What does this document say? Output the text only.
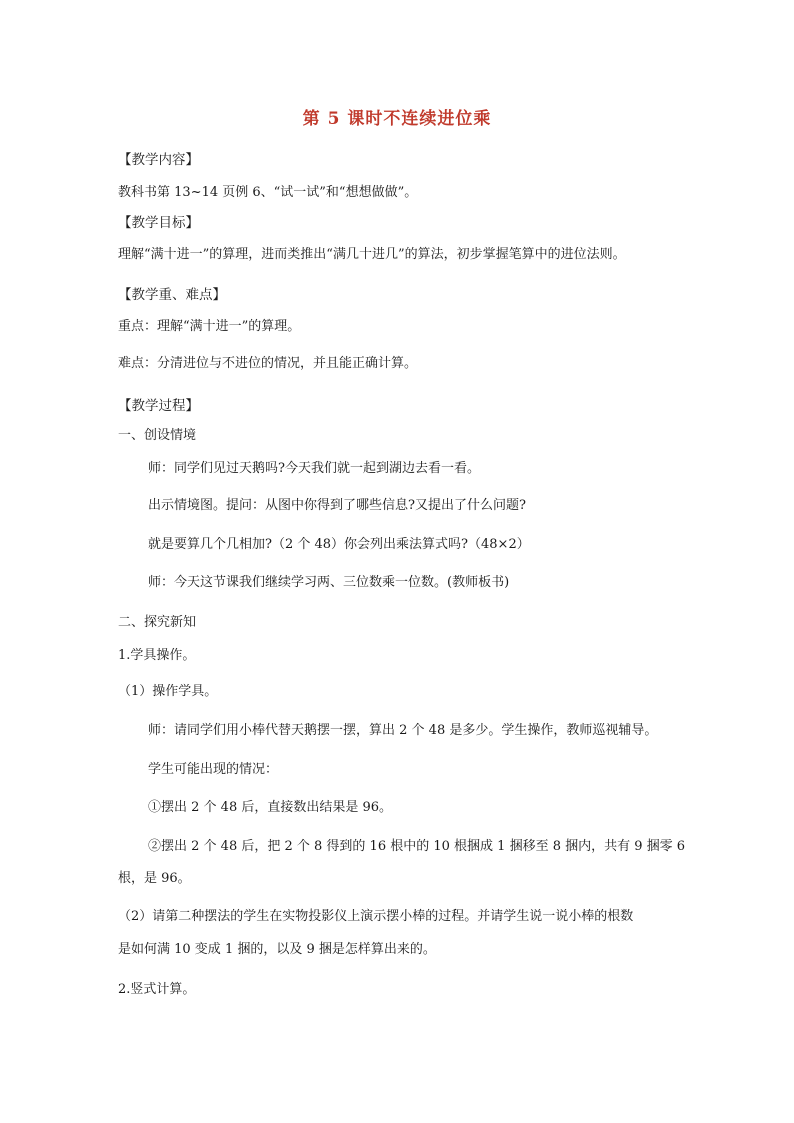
第 5 课时不连续进位乘
【教学内容】
教科书第 13~14 页例 6、“试一试”和“想想做做”。
【教学目标】
理解“满十进一”的算理，进而类推出“满几十进几”的算法，初步掌握笔算中的进位法则。
【教学重、难点】
重点：理解“满十进一”的算理。
难点：分清进位与不进位的情况，并且能正确计算。
【教学过程】
一、创设情境
师：同学们见过天鹅吗?今天我们就一起到湖边去看一看。
出示情境图。提问：从图中你得到了哪些信息?又提出了什么问题?
就是要算几个几相加?（2 个 48）你会列出乘法算式吗?（48×2）
师：今天这节课我们继续学习两、三位数乘一位数。(教师板书)
二、探究新知
1.学具操作。
（1）操作学具。
师：请同学们用小棒代替天鹅摆一摆，算出 2 个 48 是多少。学生操作，教师巡视辅导。
学生可能出现的情况：
①摆出 2 个 48 后，直接数出结果是 96。
②摆出 2 个 48 后，把 2 个 8 得到的 16 根中的 10 根捆成 1 捆移至 8 捆内，共有 9 捆零 6
根，是 96。
（2）请第二种摆法的学生在实物投影仪上演示摆小棒的过程。并请学生说一说小棒的根数
是如何满 10 变成 1 捆的，以及 9 捆是怎样算出来的。
2.竖式计算。
